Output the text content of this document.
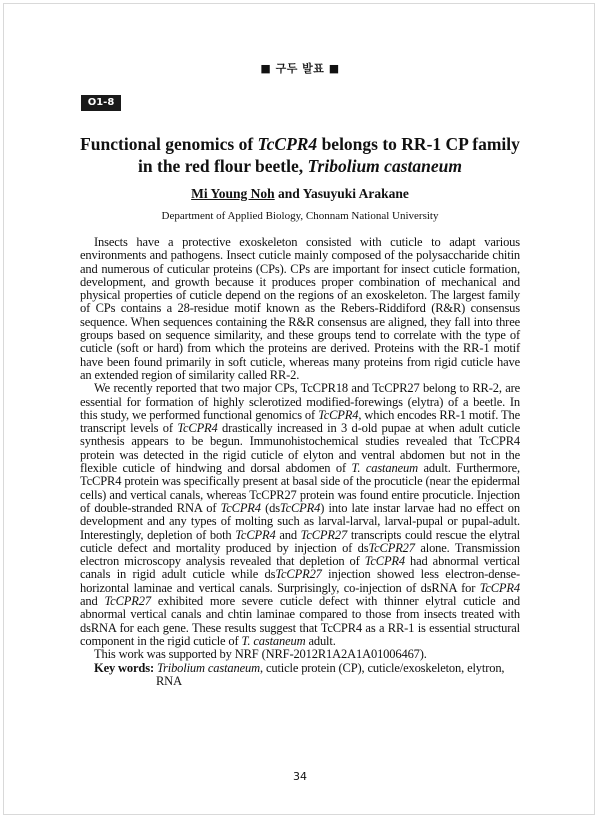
■ 구두 발표 ■
O1-8
Functional genomics of TcCPR4 belongs to RR-1 CP family in the red flour beetle, Tribolium castaneum
Mi Young Noh and Yasuyuki Arakane
Department of Applied Biology, Chonnam National University

Insects have a protective exoskeleton consisted with cuticle to adapt various environments and pathogens. Insect cuticle mainly composed of the polysaccharide chitin and numerous of cuticular proteins (CPs). CPs are important for insect cuticle formation, development, and growth because it produces proper combination of mechanical and physical properties of cuticle depend on the regions of an exoskeleton. The largest family of CPs contains a 28-residue motif known as the Rebers-Riddiford (R&R) consensus sequence. When sequences containing the R&R consensus are aligned, they fall into three groups based on sequence similarity, and these groups tend to correlate with the type of cuticle (soft or hard) from which the proteins are derived. Proteins with the RR-1 motif have been found primarily in soft cuticle, whereas many proteins from rigid cuticle have an extended region of similarity called RR-2.

We recently reported that two major CPs, TcCPR18 and TcCPR27 belong to RR-2, are essential for formation of highly sclerotized modified-forewings (elytra) of a beetle. In this study, we performed functional genomics of TcCPR4, which encodes RR-1 motif. The transcript levels of TcCPR4 drastically increased in 3 d-old pupae at when adult cuticle synthesis appears to be begun. Immunohistochemical studies revealed that TcCPR4 protein was detected in the rigid cuticle of elyton and ventral abdomen but not in the flexible cuticle of hindwing and dorsal abdomen of T. castaneum adult. Furthermore, TcCPR4 protein was specifically present at basal side of the procuticle (near the epidermal cells) and vertical canals, whereas TcCPR27 protein was found entire procuticle. Injection of double-stranded RNA of TcCPR4 (dsTcCPR4) into late instar larvae had no effect on development and any types of molting such as larval-larval, larval-pupal or pupal-adult. Interestingly, depletion of both TcCPR4 and TcCPR27 transcripts could rescue the elytral cuticle defect and mortality produced by injection of dsTcCPR27 alone. Transmission electron microscopy analysis revealed that depletion of TcCPR4 had abnormal vertical canals in rigid adult cuticle while dsTcCPR27 injection showed less electron-dense-horizontal laminae and vertical canals. Surprisingly, co-injection of dsRNA for TcCPR4 and TcCPR27 exhibited more severe cuticle defect with thinner elytral cuticle and abnormal vertical canals and chtin laminae compared to those from insects treated with dsRNA for each gene. These results suggest that TcCPR4 as a RR-1 is essential structural component in the rigid cuticle of T. castaneum adult.

This work was supported by NRF (NRF-2012R1A2A1A01006467).

Key words: Tribolium castaneum, cuticle protein (CP), cuticle/exoskeleton, elytron,
RNA

34
